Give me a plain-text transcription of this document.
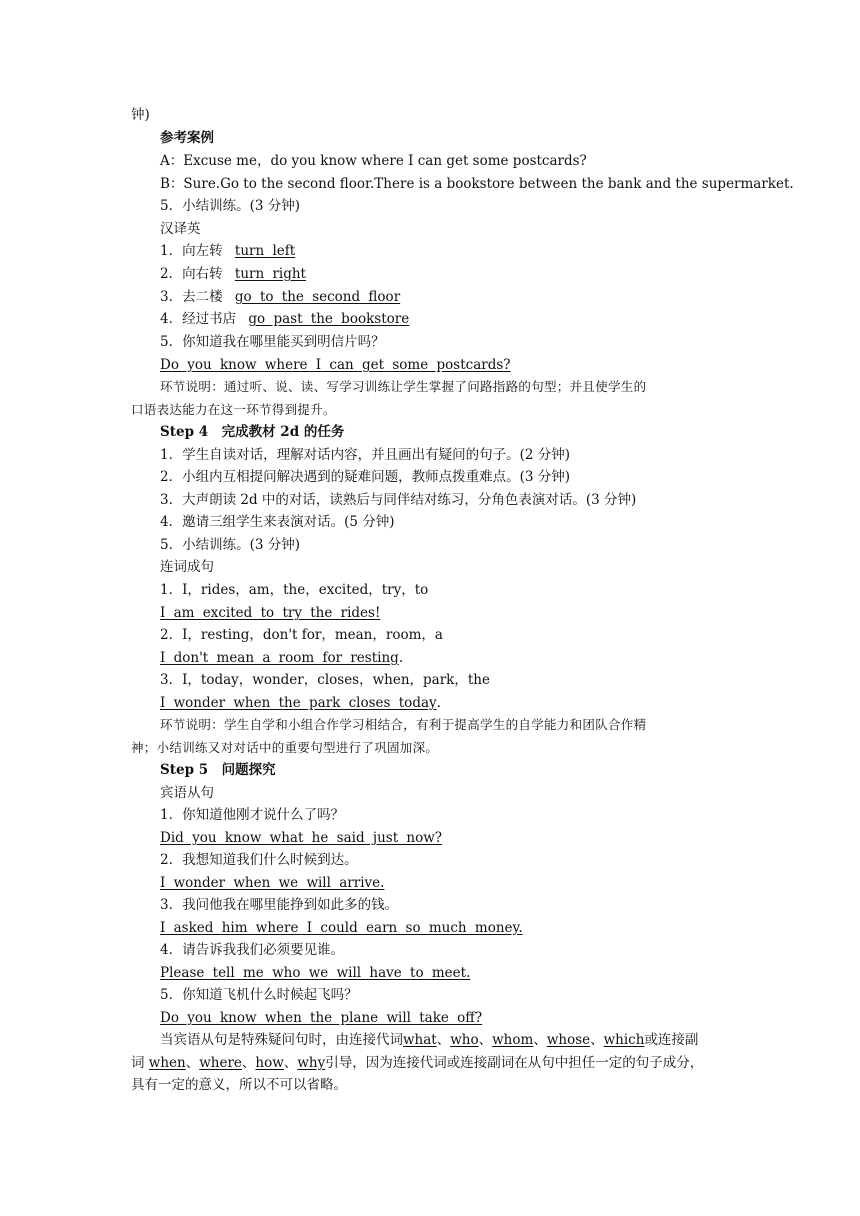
钟)
参考案例
A：Excuse me，do you know where I can get some postcards?
B：Sure.Go to the second floor.There is a bookstore between the bank and the supermarket.
5．小结训练。(3 分钟)
汉译英
1．向左转 turn left
2．向右转 turn right
3．去二楼 go to the second floor
4．经过书店 go past the bookstore
5．你知道我在哪里能买到明信片吗？
Do you know where I can get some postcards?
环节说明：通过听、说、读、写学习训练让学生掌握了问路指路的句型；并且使学生的
口语表达能力在这一环节得到提升。
Step 4　完成教材 2d 的任务
1．学生自读对话，理解对话内容，并且画出有疑问的句子。(2 分钟)
2．小组内互相提问解决遇到的疑难问题，教师点拨重难点。(3 分钟)
3．大声朗读 2d 中的对话，读熟后与同伴结对练习，分角色表演对话。(3 分钟)
4．邀请三组学生来表演对话。(5 分钟)
5．小结训练。(3 分钟)
连词成句
1．I，rides，am，the，excited，try，to
I am excited to try the rides!
2．I，resting，don't for，mean，room，a
I don't mean a room for resting.
3．I，today，wonder，closes，when，park，the
I wonder when the park closes today.
环节说明：学生自学和小组合作学习相结合，有利于提高学生的自学能力和团队合作精
神；小结训练又对对话中的重要句型进行了巩固加深。
Step 5　问题探究
宾语从句
1．你知道他刚才说什么了吗？
Did you know what he said just now?
2．我想知道我们什么时候到达。
I wonder when we will arrive.
3．我问他我在哪里能挣到如此多的钱。
I asked him where I could earn so much money.
4．请告诉我我们必须要见谁。
Please tell me who we will have to meet.
5．你知道飞机什么时候起飞吗？
Do you know when the plane will take off?
当宾语从句是特殊疑问句时，由连接代词what、who、whom、whose、which或连接副
词 when、where、how、why引导，因为连接代词或连接副词在从句中担任一定的句子成分，
具有一定的意义，所以不可以省略。
